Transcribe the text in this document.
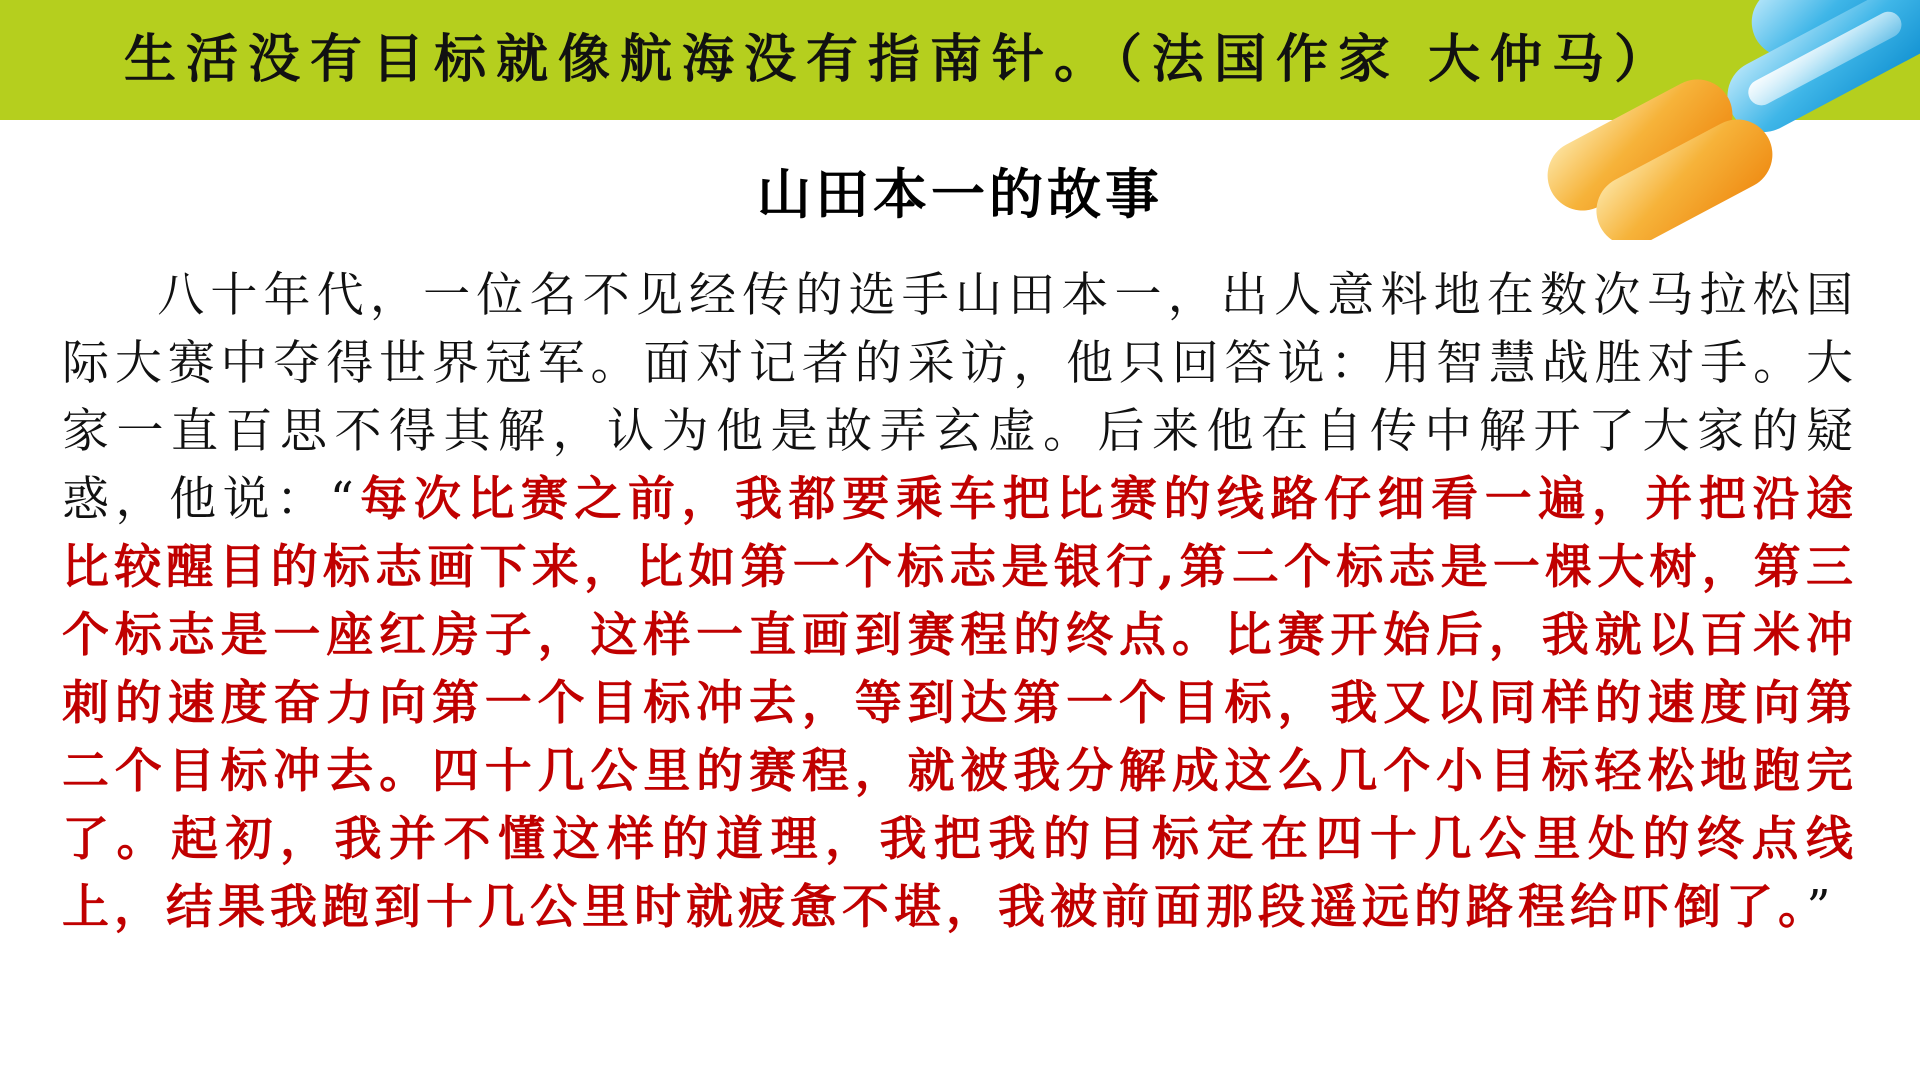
生活没有目标就像航海没有指南针。（法国作家 大仲马）
山田本一的故事
八十年代，一位名不见经传的选手山田本一，出人意料地在数次马拉松国际大赛中夺得世界冠军。面对记者的采访，他只回答说：用智慧战胜对手。大家一直百思不得其解，认为他是故弄玄虚。后来他在自传中解开了大家的疑惑，他说：“每次比赛之前，我都要乘车把比赛的线路仔细看一遍，并把沿途比较醒目的标志画下来，比如第一个标志是银行,第二个标志是一棵大树，第三个标志是一座红房子，这样一直画到赛程的终点。比赛开始后，我就以百米冲刺的速度奋力向第一个目标冲去，等到达第一个目标，我又以同样的速度向第二个目标冲去。四十几公里的赛程，就被我分解成这么几个小目标轻松地跑完了。起初，我并不懂这样的道理，我把我的目标定在四十几公里处的终点线上，结果我跑到十几公里时就疲惫不堪，我被前面那段遥远的路程给吓倒了。”
